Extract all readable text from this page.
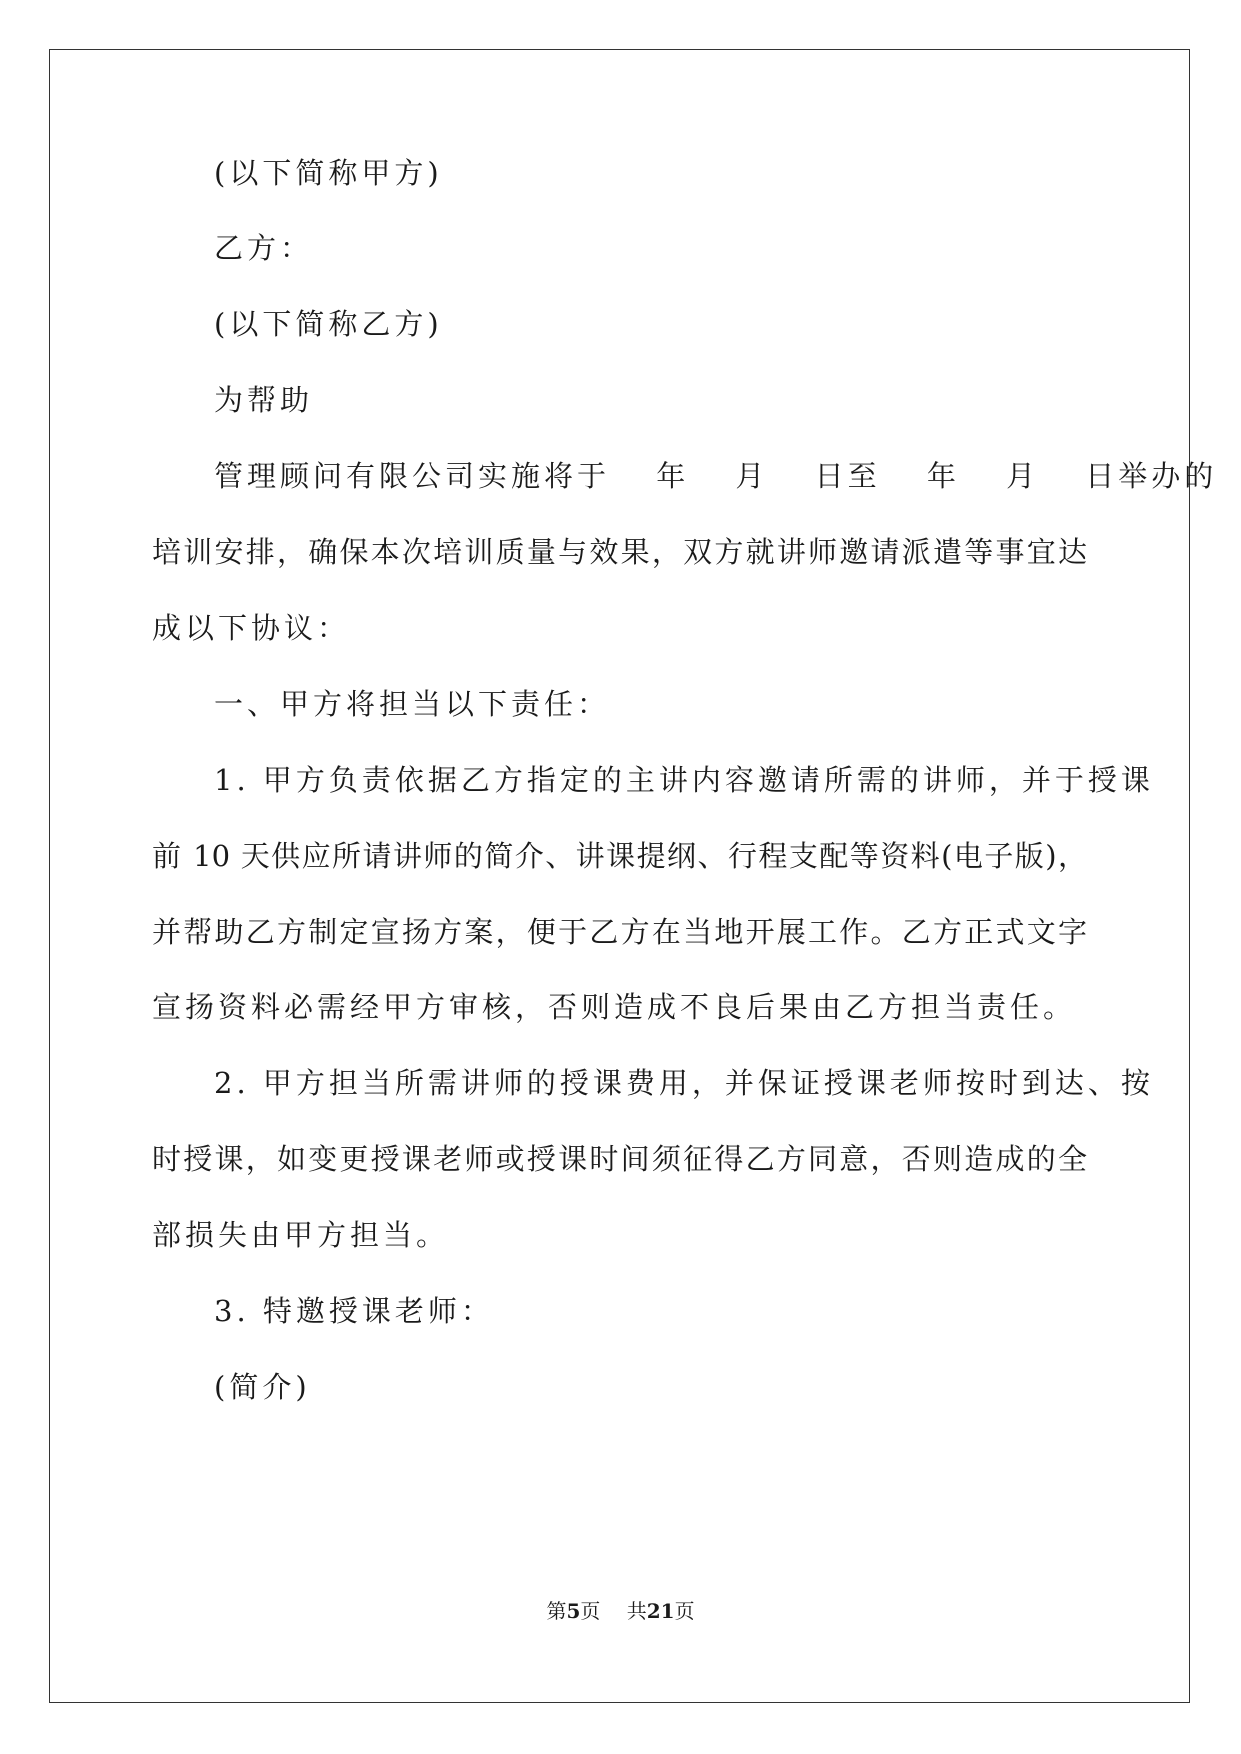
(以下简称甲方)
乙方：
(以下简称乙方)
为帮助
管理顾问有限公司实施将于　 年　 月　 日至　 年　 月　 日举办的
培训安排，确保本次培训质量与效果，双方就讲师邀请派遣等事宜达
成以下协议：
一、甲方将担当以下责任：
1. 甲方负责依据乙方指定的主讲内容邀请所需的讲师，并于授课
前 10 天供应所请讲师的简介、讲课提纲、行程支配等资料(电子版)，
并帮助乙方制定宣扬方案，便于乙方在当地开展工作。乙方正式文字
宣扬资料必需经甲方审核，否则造成不良后果由乙方担当责任。
2. 甲方担当所需讲师的授课费用，并保证授课老师按时到达、按
时授课，如变更授课老师或授课时间须征得乙方同意，否则造成的全
部损失由甲方担当。
3. 特邀授课老师：
(简介)
第5页　 共21页
